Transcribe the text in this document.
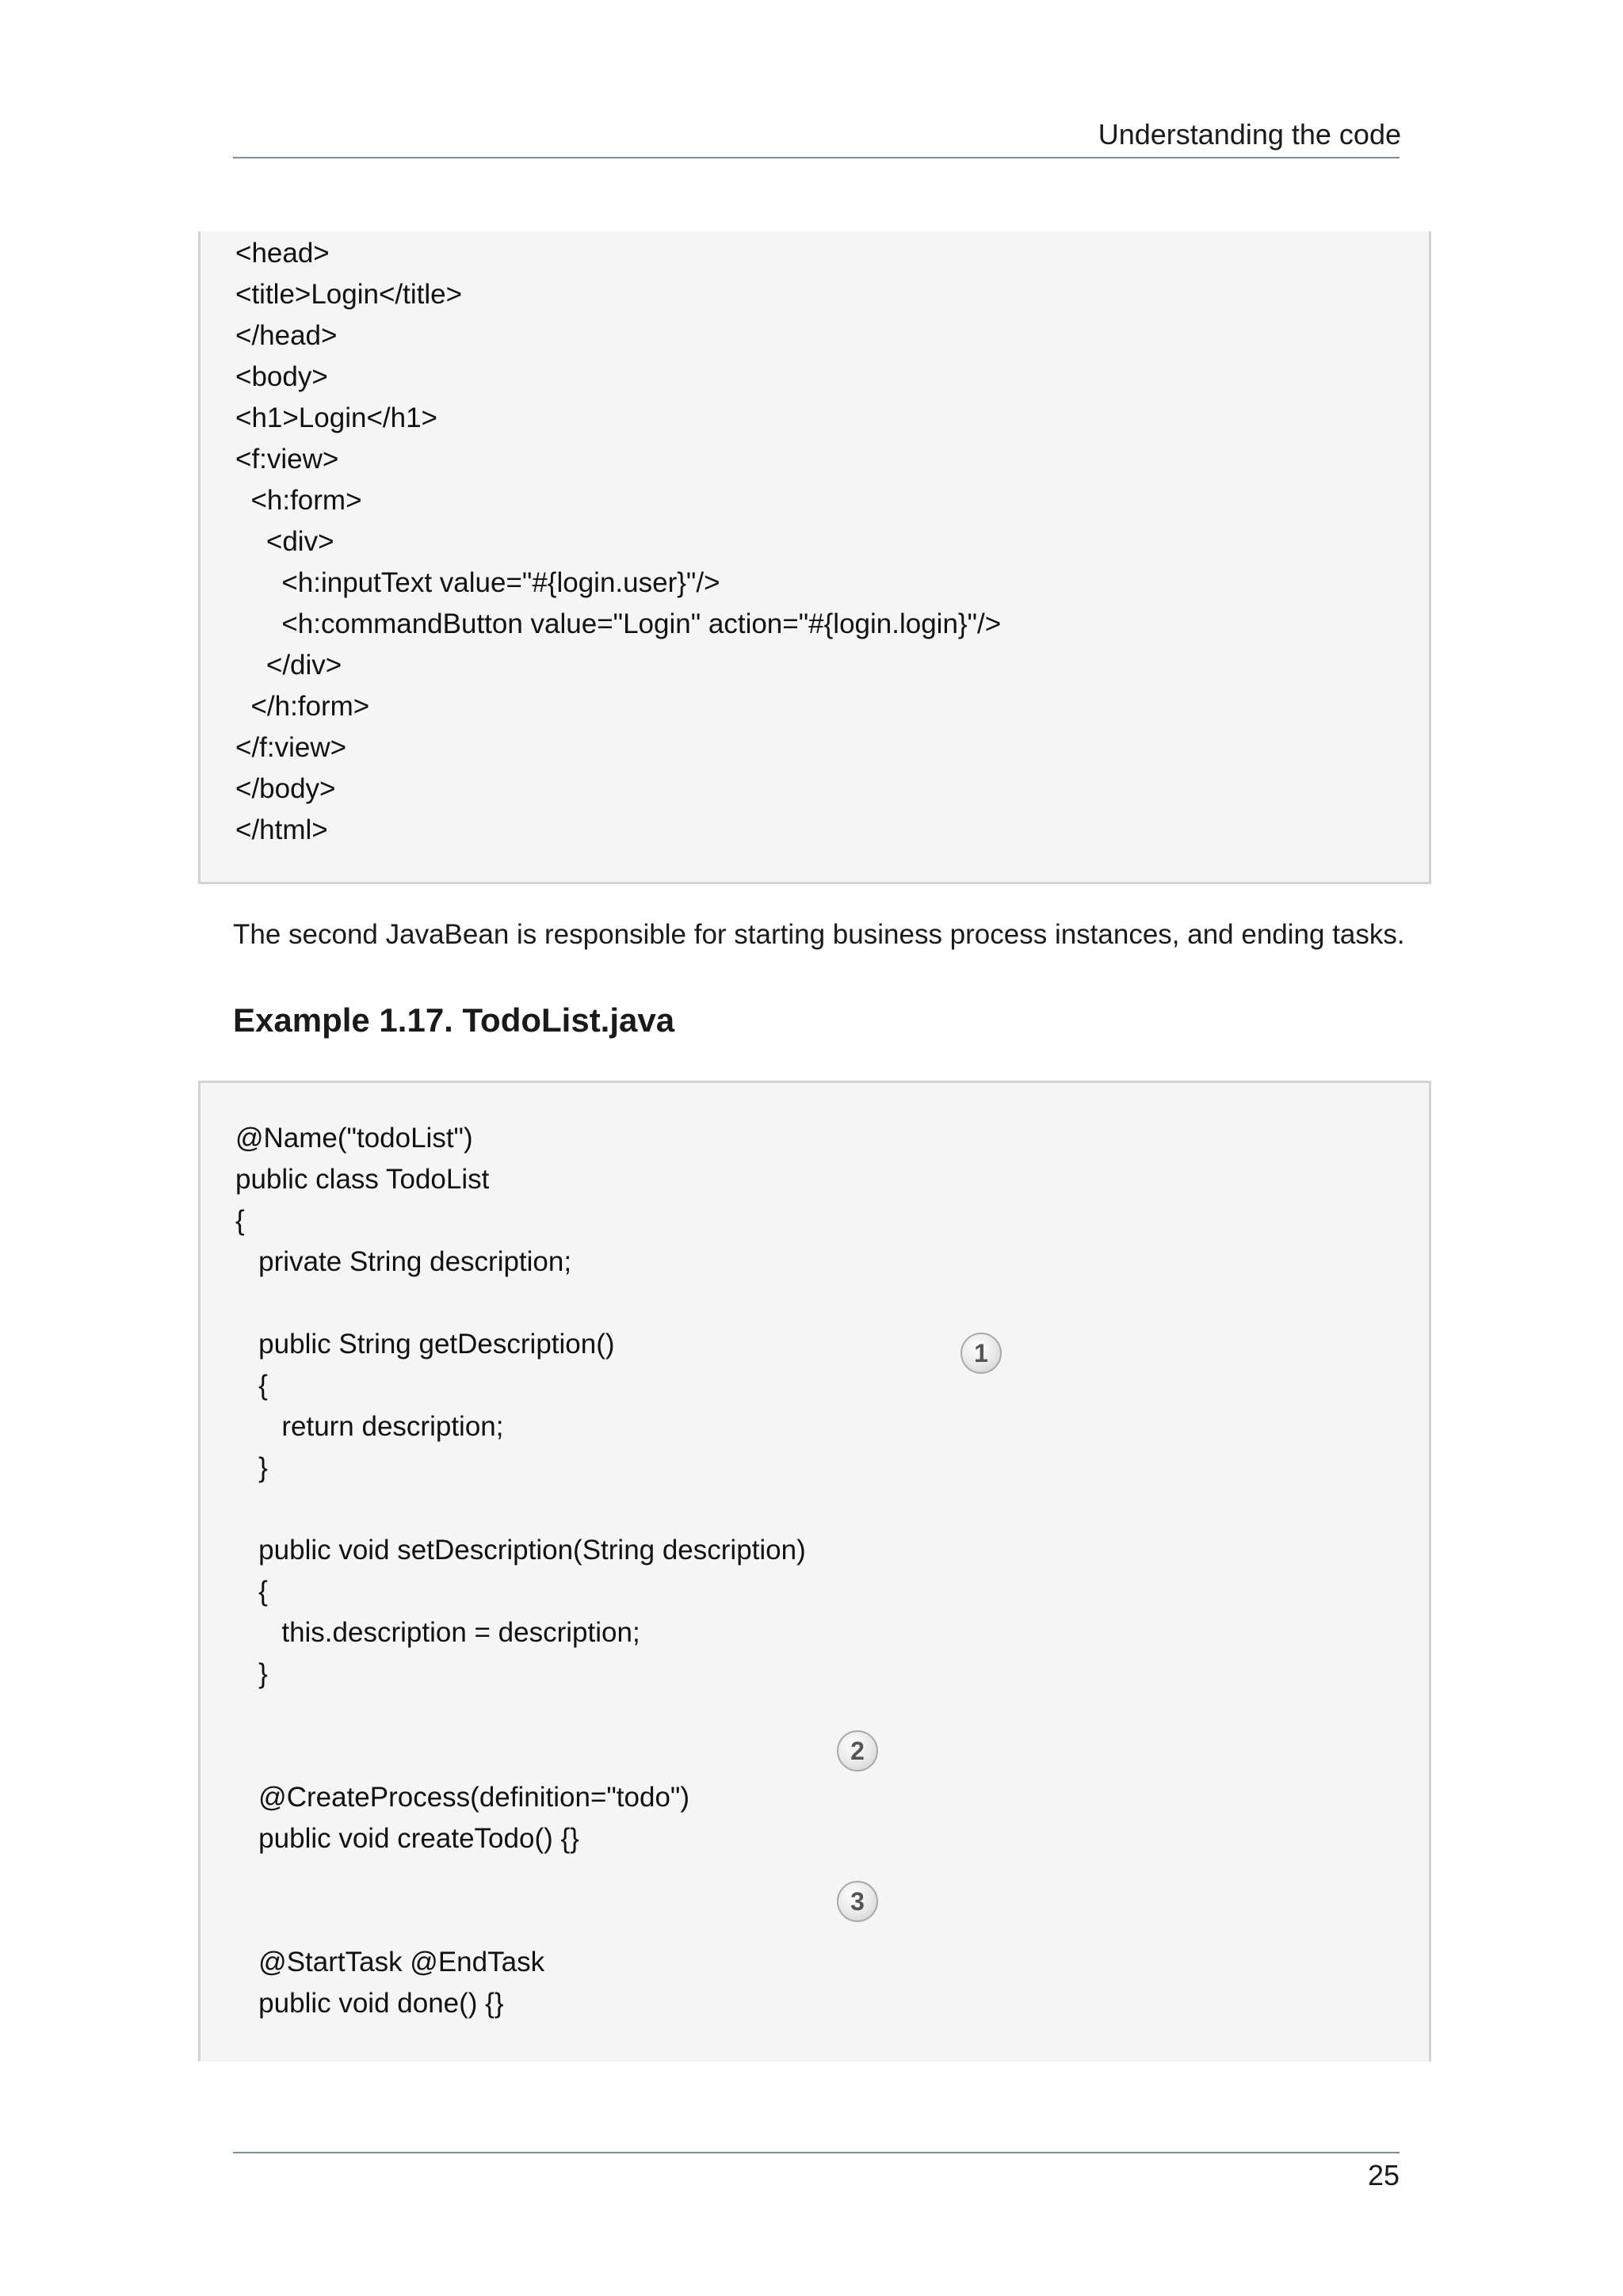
Understanding the code
<head>
<title>Login</title>
</head>
<body>
<h1>Login</h1>
<f:view>
<h:form>
<div>
<h:inputText value="#{login.user}"/>
<h:commandButton value="Login" action="#{login.login}"/>
</div>
</h:form>
</f:view>
</body>
</html>
The second JavaBean is responsible for starting business process instances, and ending tasks.
Example 1.17. TodoList.java
@Name("todoList")
public class TodoList
{
private String description;
public String getDescription()
{
return description;
}
public void setDescription(String description)
{
this.description = description;
}
@CreateProcess(definition="todo")
public void createTodo() {}
@StartTask @EndTask
public void done() {}
1
2
3
25
